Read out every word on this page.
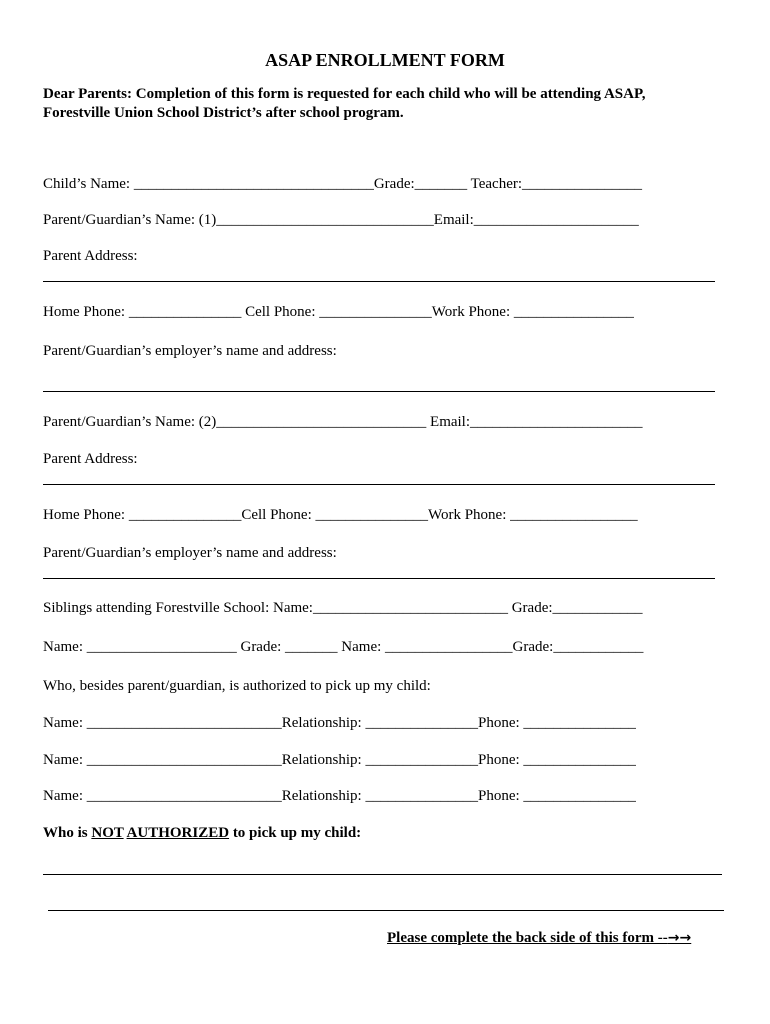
ASAP ENROLLMENT FORM
Dear Parents: Completion of this form is requested for each child who will be attending ASAP,
Forestville Union School District’s after school program.
Child’s Name: ________________________________Grade:_______ Teacher:________________
Parent/Guardian’s Name: (1)_____________________________Email:______________________
Parent Address:
Home Phone: _______________ Cell Phone: _______________Work Phone: ________________
Parent/Guardian’s employer’s name and address:
Parent/Guardian’s Name: (2)____________________________ Email:_______________________
Parent Address:
Home Phone: _______________Cell Phone: _______________Work Phone: _________________
Parent/Guardian’s employer’s name and address:
Siblings attending Forestville School: Name:__________________________ Grade:____________
Name: ____________________ Grade: _______ Name: _________________Grade:____________
Who, besides parent/guardian, is authorized to pick up my child:
Name: __________________________Relationship: _______________Phone: _______________
Name: __________________________Relationship: _______________Phone: _______________
Name: __________________________Relationship: _______________Phone: _______________
Who is NOT AUTHORIZED to pick up my child:
Please complete the back side of this form --→→
